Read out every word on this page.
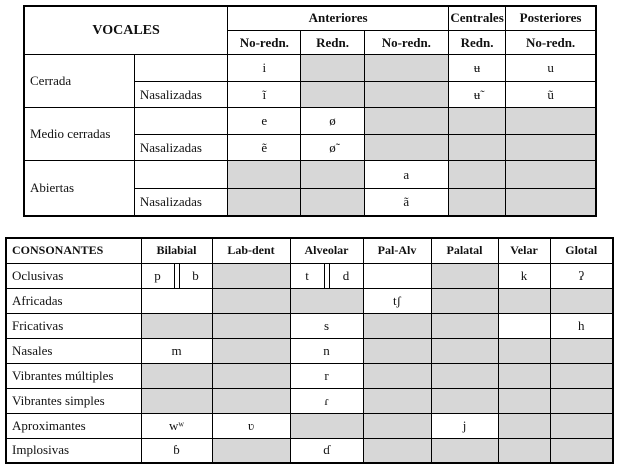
VOCALES		Anteriores			Centrales	Posteriores
		No-redn.	Redn.	No-redn.	Redn.	No-redn.
Cerrada		i			ʉ	u
	Nasalizadas	ĩ			ʉ̃	ũ
Medio cerradas		e	ø			
	Nasalizadas	ẽ	ø̃			
Abiertas				a		
	Nasalizadas			ã		
CONSONANTES	Bilabial	Lab-dent	Alveolar	Pal-Alv	Palatal	Velar	Glotal
Oclusivas	p b		t d			k	ʔ
Africadas				tʃ			
Fricativas			s				h
Nasales	m		n				
Vibrantes múltiples			r				
Vibrantes simples			ɾ				
Aproximantes	wʷ	ʋ			j		
Implosivas	ɓ		ɗ				
